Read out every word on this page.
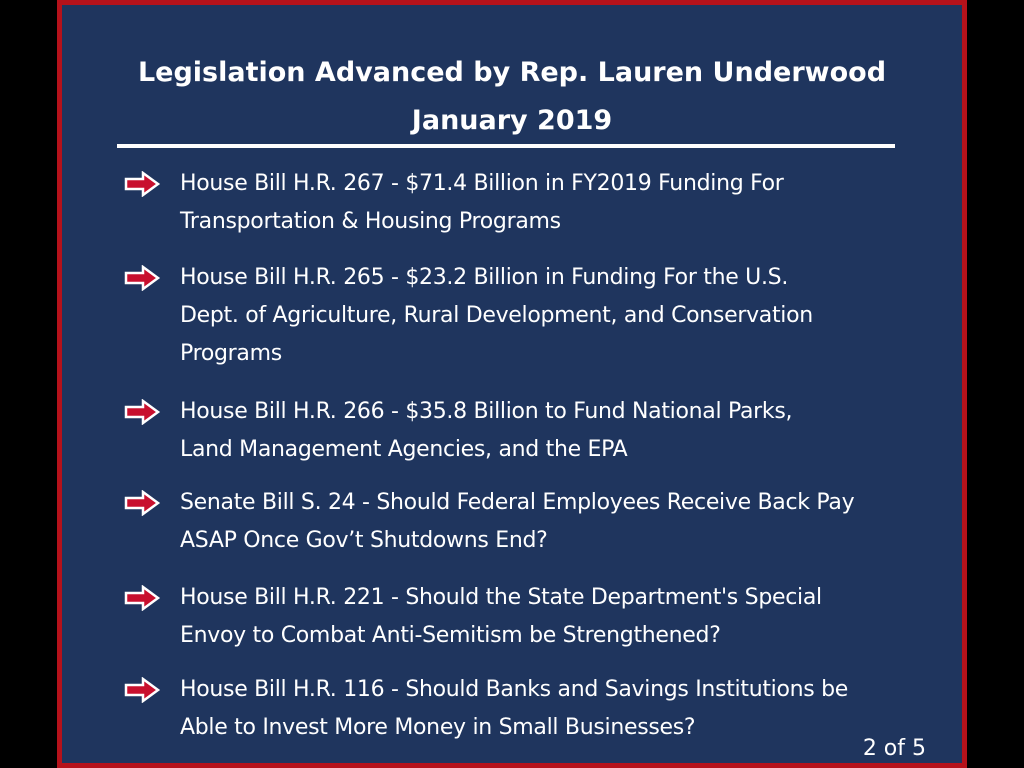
Legislation Advanced by Rep. Lauren Underwood
January 2019
House Bill H.R. 267 - $71.4 Billion in FY2019 Funding For
Transportation & Housing Programs
House Bill H.R. 265 - $23.2 Billion in Funding For the U.S.
Dept. of Agriculture, Rural Development, and Conservation
Programs
House Bill H.R. 266 - $35.8 Billion to Fund National Parks,
Land Management Agencies, and the EPA
Senate Bill S. 24 - Should Federal Employees Receive Back Pay
ASAP Once Gov’t Shutdowns End?
House Bill H.R. 221 - Should the State Department's Special
Envoy to Combat Anti-Semitism be Strengthened?
House Bill H.R. 116 - Should Banks and Savings Institutions be
Able to Invest More Money in Small Businesses?
2 of 5
